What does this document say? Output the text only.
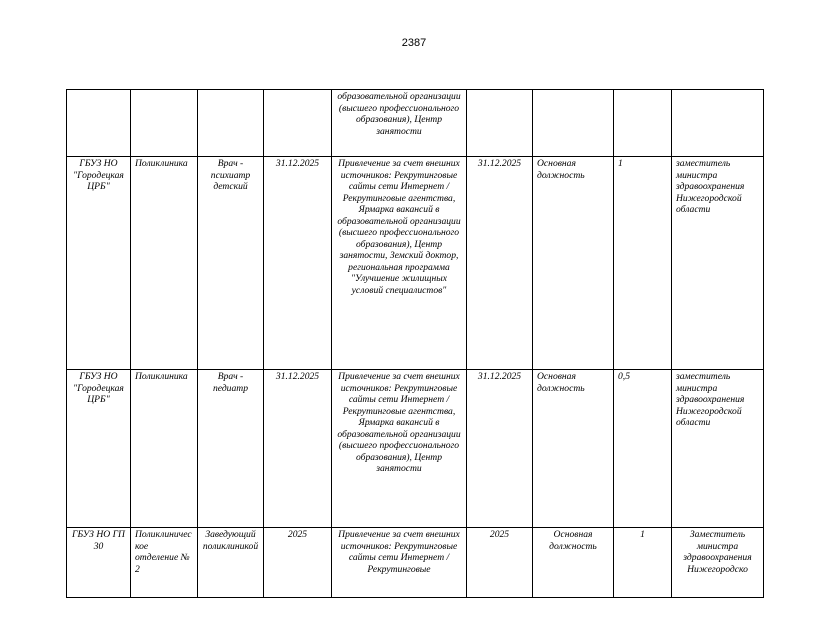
2387
				образовательной организации (высшего профессионального образования), Центр занятости				
ГБУЗ НО "Городецкая ЦРБ"	Поликлиника	Врач - психиатр детский	31.12.2025	Привлечение за счет внешних источников: Рекрутинговые сайты сети Интернет / Рекрутинговые агентства, Ярмарка вакансий в образовательной организации (высшего профессионального образования), Центр занятости, Земский доктор, региональная программа "Улучшение жилищных условий специалистов"	31.12.2025	Основная должность	1	заместитель министра здравоохранения Нижегородской области
ГБУЗ НО "Городецкая ЦРБ"	Поликлиника	Врач - педиатр	31.12.2025	Привлечение за счет внешних источников: Рекрутинговые сайты сети Интернет / Рекрутинговые агентства, Ярмарка вакансий в образовательной организации (высшего профессионального образования), Центр занятости	31.12.2025	Основная должность	0,5	заместитель министра здравоохранения Нижегородской области
ГБУЗ НО ГП 30	Поликлиническое отделение № 2	Заведующий поликлиникой	2025	Привлечение за счет внешних источников: Рекрутинговые сайты сети Интернет / Рекрутинговые	2025	Основная должность	1	Заместитель министра здравоохранения Нижегородско
